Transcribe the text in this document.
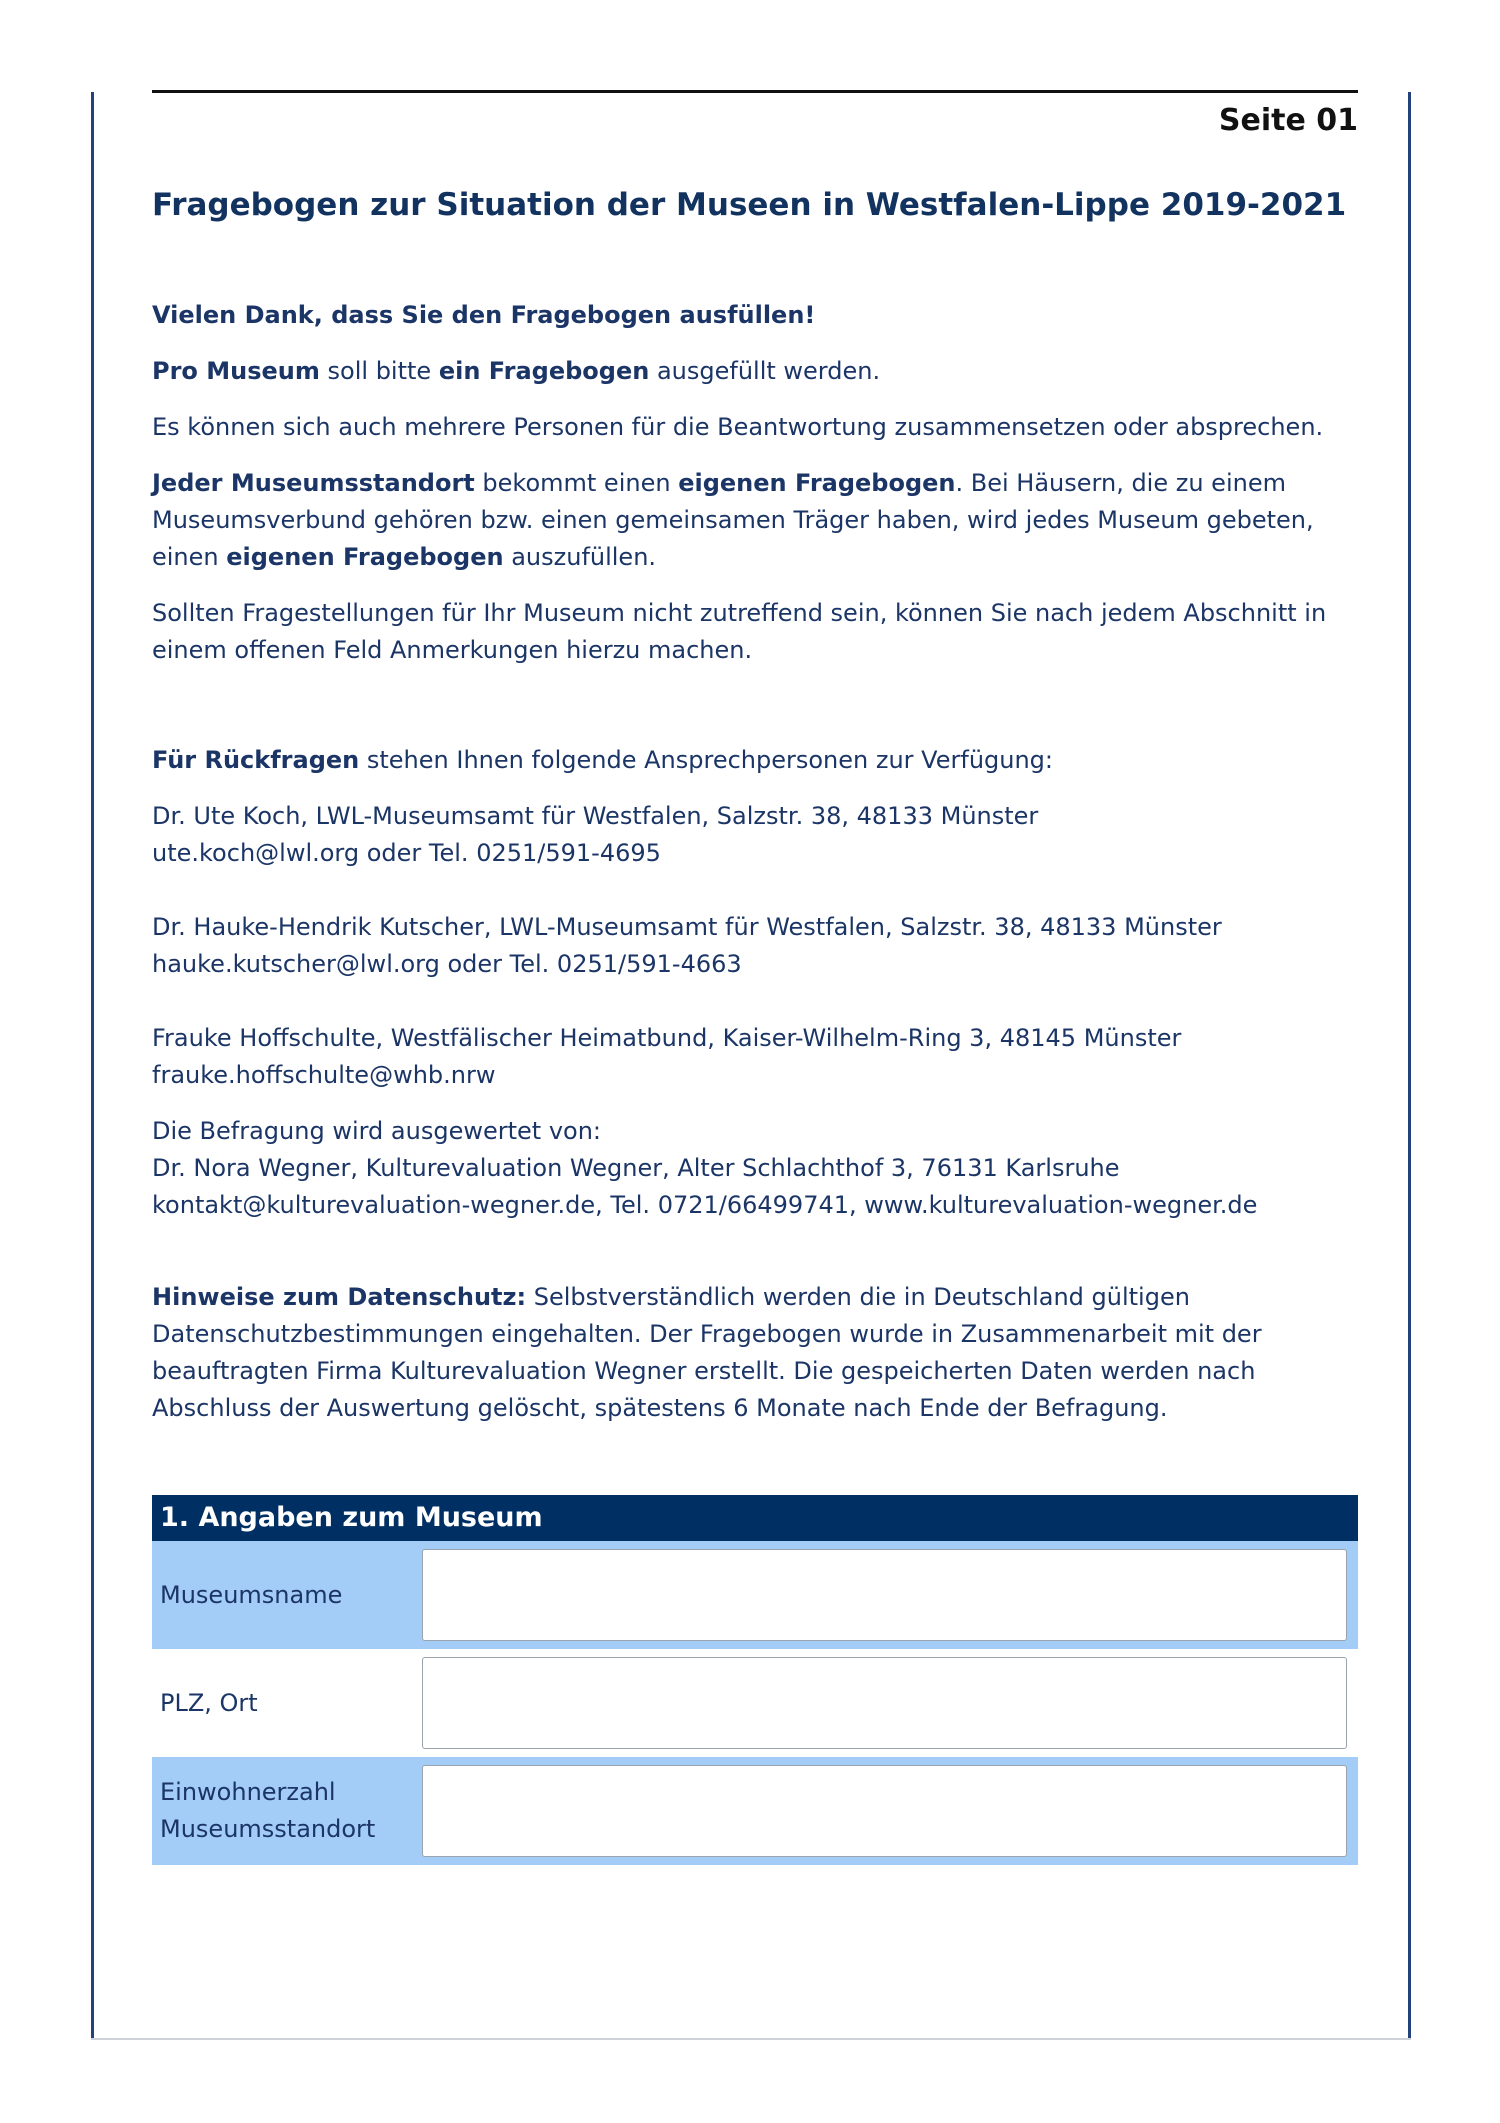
Seite 01
Fragebogen zur Situation der Museen in Westfalen-Lippe 2019-2021

Vielen Dank, dass Sie den Fragebogen ausfüllen!

Pro Museum soll bitte ein Fragebogen ausgefüllt werden.

Es können sich auch mehrere Personen für die Beantwortung zusammensetzen oder absprechen.

Jeder Museumsstandort bekommt einen eigenen Fragebogen. Bei Häusern, die zu einem Museumsverbund gehören bzw. einen gemeinsamen Träger haben, wird jedes Museum gebeten, einen eigenen Fragebogen auszufüllen.

Sollten Fragestellungen für Ihr Museum nicht zutreffend sein, können Sie nach jedem Abschnitt in einem offenen Feld Anmerkungen hierzu machen.

Für Rückfragen stehen Ihnen folgende Ansprechpersonen zur Verfügung:

Dr. Ute Koch, LWL-Museumsamt für Westfalen, Salzstr. 38, 48133 Münster
ute.koch@lwl.org oder Tel. 0251/591-4695

Dr. Hauke-Hendrik Kutscher, LWL-Museumsamt für Westfalen, Salzstr. 38, 48133 Münster
hauke.kutscher@lwl.org oder Tel. 0251/591-4663

Frauke Hoffschulte, Westfälischer Heimatbund, Kaiser-Wilhelm-Ring 3, 48145 Münster
frauke.hoffschulte@whb.nrw

Die Befragung wird ausgewertet von:
Dr. Nora Wegner, Kulturevaluation Wegner, Alter Schlachthof 3, 76131 Karlsruhe
kontakt@kulturevaluation-wegner.de, Tel. 0721/66499741, www.kulturevaluation-wegner.de

Hinweise zum Datenschutz: Selbstverständlich werden die in Deutschland gültigen Datenschutzbestimmungen eingehalten. Der Fragebogen wurde in Zusammenarbeit mit der beauftragten Firma Kulturevaluation Wegner erstellt. Die gespeicherten Daten werden nach Abschluss der Auswertung gelöscht, spätestens 6 Monate nach Ende der Befragung.

1. Angaben zum Museum
Museumsname
PLZ, Ort
Einwohnerzahl Museumsstandort
